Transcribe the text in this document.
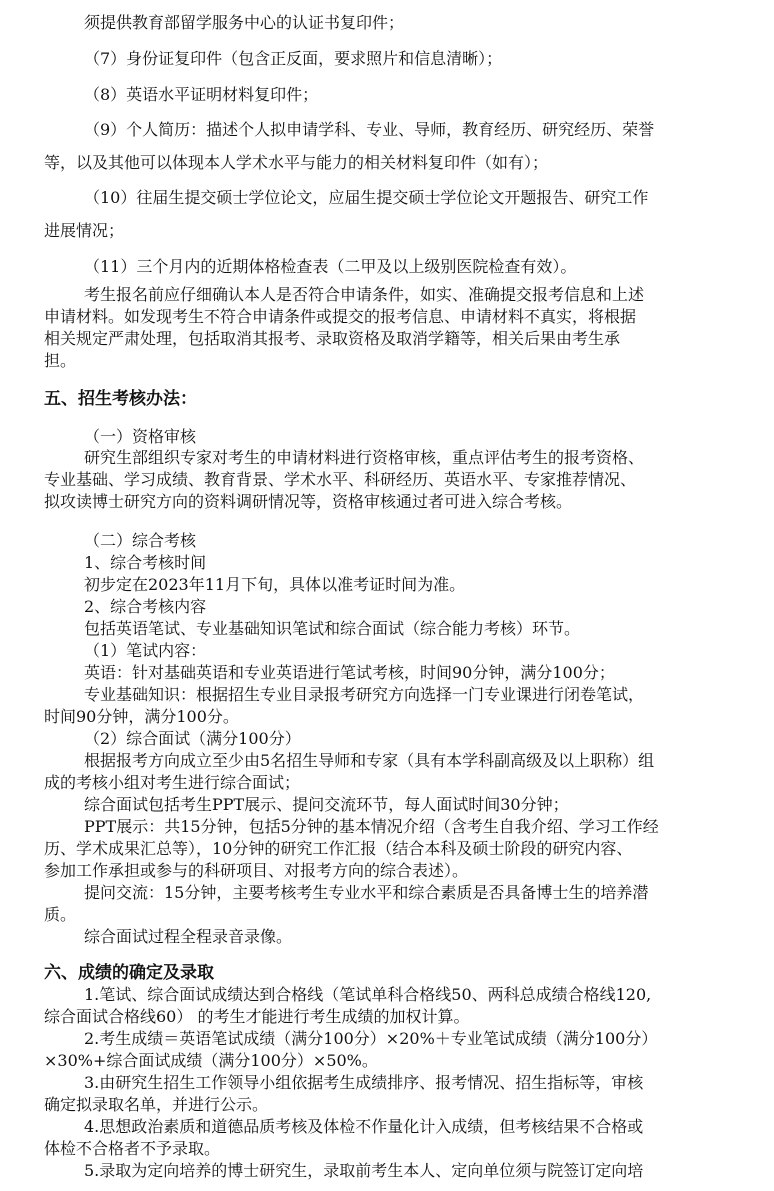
须提供教育部留学服务中心的认证书复印件；
（7）身份证复印件（包含正反面，要求照片和信息清晰）；
（8）英语水平证明材料复印件；
（9）个人简历：描述个人拟申请学科、专业、导师，教育经历、研究经历、荣誉
等，以及其他可以体现本人学术水平与能力的相关材料复印件（如有）；
（10）往届生提交硕士学位论文，应届生提交硕士学位论文开题报告、研究工作
进展情况；
（11）三个月内的近期体格检查表（二甲及以上级别医院检查有效）。
考生报名前应仔细确认本人是否符合申请条件，如实、准确提交报考信息和上述
申请材料。如发现考生不符合申请条件或提交的报考信息、申请材料不真实，将根据
相关规定严肃处理，包括取消其报考、录取资格及取消学籍等，相关后果由考生承
担。
五、招生考核办法：
（一）资格审核
研究生部组织专家对考生的申请材料进行资格审核，重点评估考生的报考资格、
专业基础、学习成绩、教育背景、学术水平、科研经历、英语水平、专家推荐情况、
拟攻读博士研究方向的资料调研情况等，资格审核通过者可进入综合考核。
（二）综合考核
1、综合考核时间
初步定在2023年11月下旬，具体以准考证时间为准。
2、综合考核内容
包括英语笔试、专业基础知识笔试和综合面试（综合能力考核）环节。
（1）笔试内容：
英语：针对基础英语和专业英语进行笔试考核，时间90分钟，满分100分；
专业基础知识：根据招生专业目录报考研究方向选择一门专业课进行闭卷笔试，
时间90分钟，满分100分。
（2）综合面试（满分100分）
根据报考方向成立至少由5名招生导师和专家（具有本学科副高级及以上职称）组
成的考核小组对考生进行综合面试；
综合面试包括考生PPT展示、提问交流环节，每人面试时间30分钟；
PPT展示：共15分钟，包括5分钟的基本情况介绍（含考生自我介绍、学习工作经
历、学术成果汇总等），10分钟的研究工作汇报（结合本科及硕士阶段的研究内容、
参加工作承担或参与的科研项目、对报考方向的综合表述）。
提问交流：15分钟，主要考核考生专业水平和综合素质是否具备博士生的培养潜
质。
综合面试过程全程录音录像。
六、成绩的确定及录取
1.笔试、综合面试成绩达到合格线（笔试单科合格线50、两科总成绩合格线120,
综合面试合格线60） 的考生才能进行考生成绩的加权计算。
2.考生成绩＝英语笔试成绩（满分100分）×20%＋专业笔试成绩（满分100分）
×30%+综合面试成绩（满分100分）×50%。
3.由研究生招生工作领导小组依据考生成绩排序、报考情况、招生指标等，审核
确定拟录取名单，并进行公示。
4.思想政治素质和道德品质考核及体检不作量化计入成绩，但考核结果不合格或
体检不合格者不予录取。
5.录取为定向培养的博士研究生，录取前考生本人、定向单位须与院签订定向培
